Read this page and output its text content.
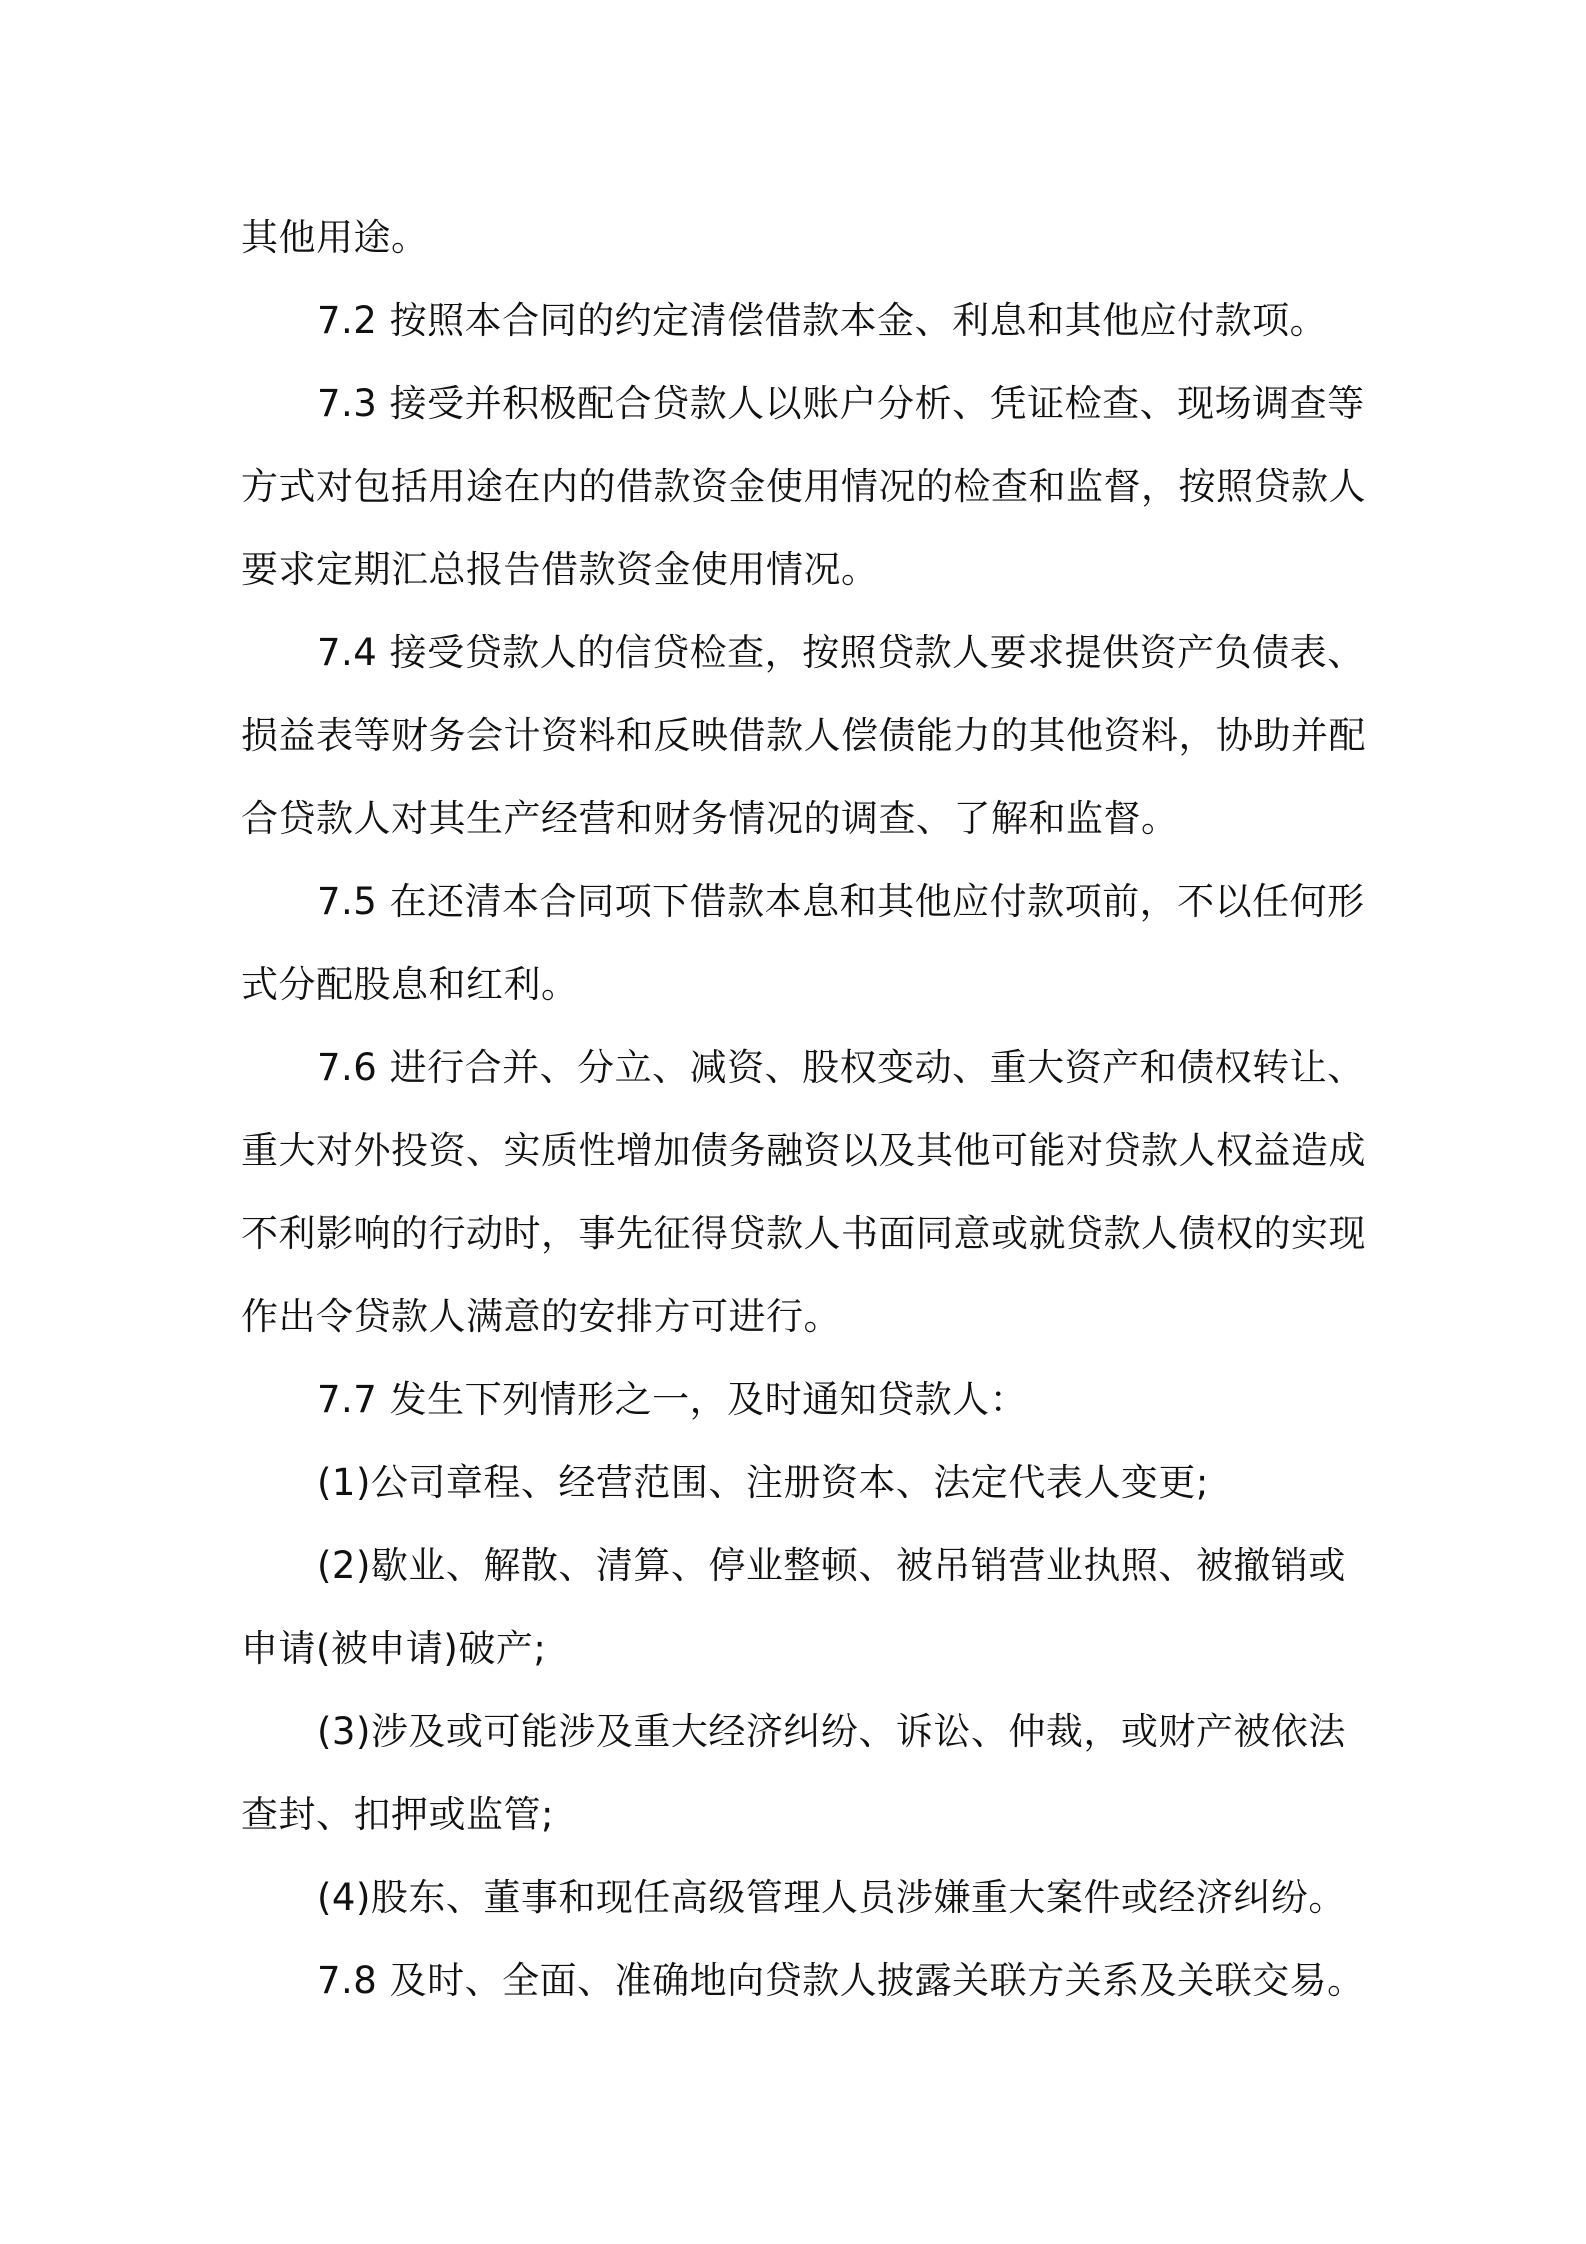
其他用途。
7.2 按照本合同的约定清偿借款本金、利息和其他应付款项。
7.3 接受并积极配合贷款人以账户分析、凭证检查、现场调查等
方式对包括用途在内的借款资金使用情况的检查和监督，按照贷款人
要求定期汇总报告借款资金使用情况。
7.4 接受贷款人的信贷检查，按照贷款人要求提供资产负债表、
损益表等财务会计资料和反映借款人偿债能力的其他资料，协助并配
合贷款人对其生产经营和财务情况的调查、了解和监督。
7.5 在还清本合同项下借款本息和其他应付款项前，不以任何形
式分配股息和红利。
7.6 进行合并、分立、减资、股权变动、重大资产和债权转让、
重大对外投资、实质性增加债务融资以及其他可能对贷款人权益造成
不利影响的行动时，事先征得贷款人书面同意或就贷款人债权的实现
作出令贷款人满意的安排方可进行。
7.7 发生下列情形之一，及时通知贷款人：
(1)公司章程、经营范围、注册资本、法定代表人变更;
(2)歇业、解散、清算、停业整顿、被吊销营业执照、被撤销或
申请(被申请)破产;
(3)涉及或可能涉及重大经济纠纷、诉讼、仲裁，或财产被依法
查封、扣押或监管;
(4)股东、董事和现任高级管理人员涉嫌重大案件或经济纠纷。
7.8 及时、全面、准确地向贷款人披露关联方关系及关联交易。
